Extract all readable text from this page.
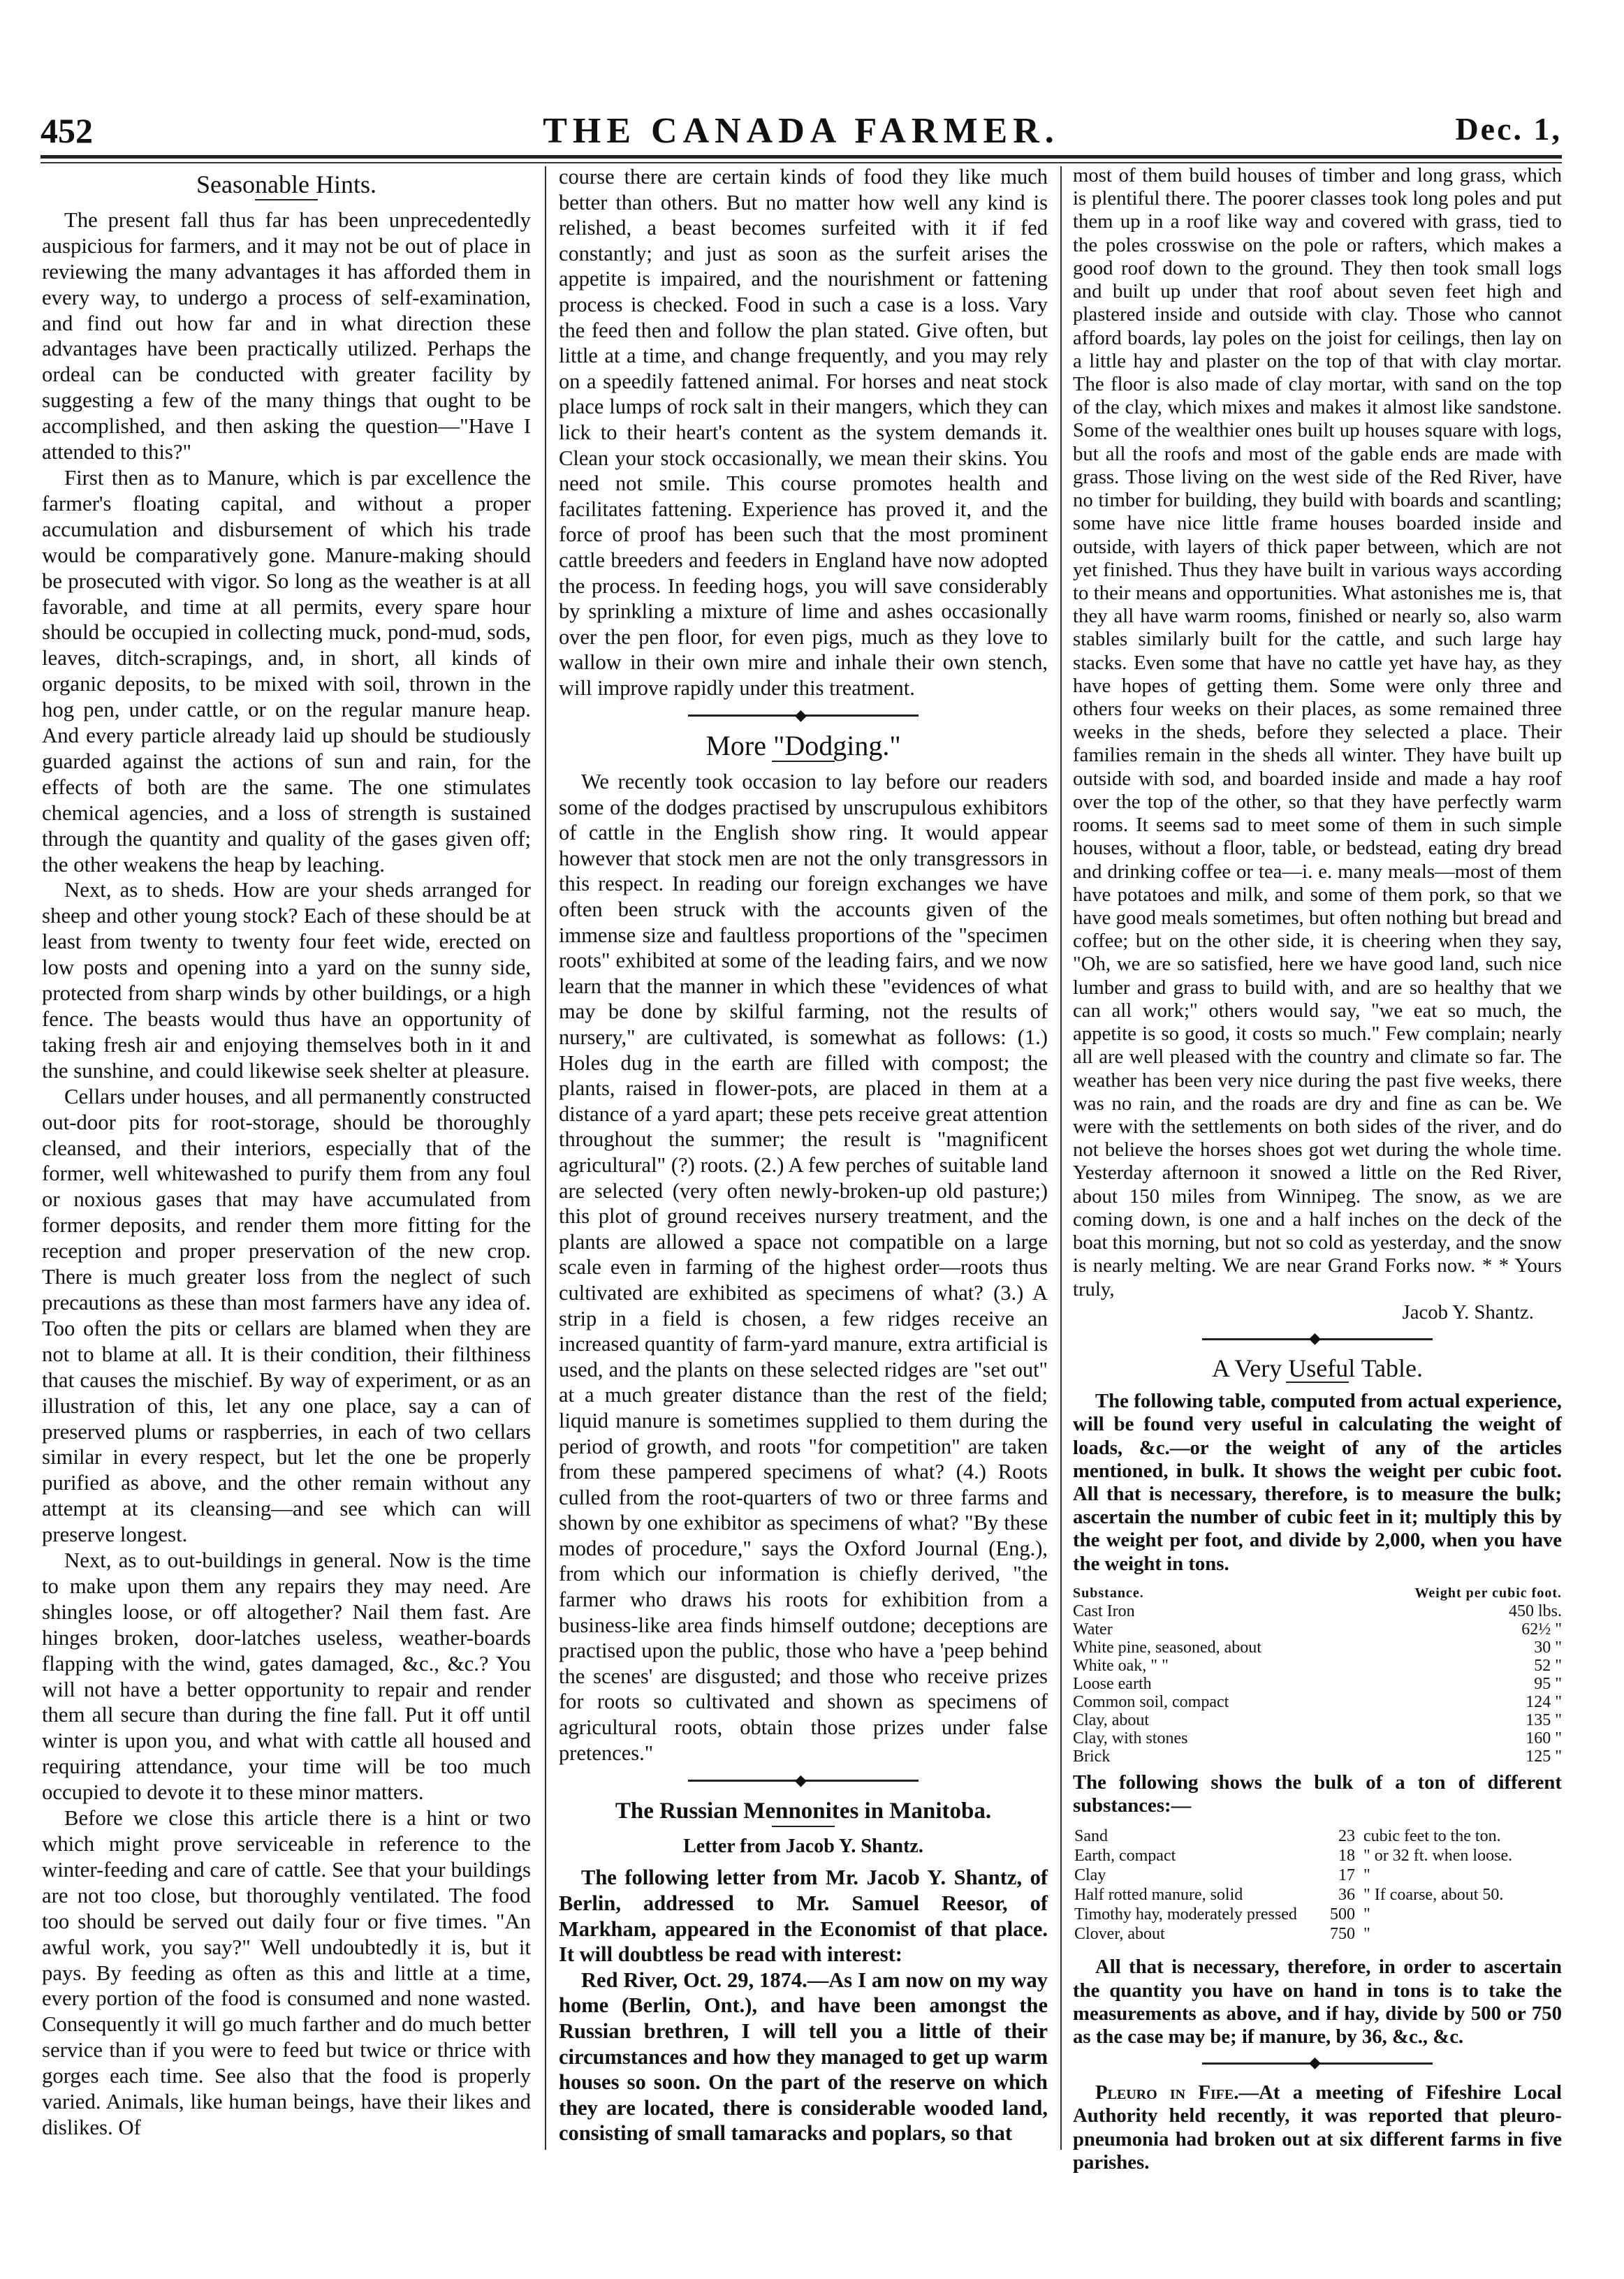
452	THE CANADA FARMER.	Dec. 1,
Seasonable Hints.

The present fall thus far has been unprecedentedly auspicious for farmers, and it may not be out of place in reviewing the many advantages it has afforded them in every way, to undergo a process of self-examination, and find out how far and in what direction these advantages have been practically utilized. Perhaps the ordeal can be conducted with greater facility by suggesting a few of the many things that ought to be accomplished, and then asking the question—"Have I attended to this?"

First then as to Manure, which is par excellence the farmer's floating capital, and without a proper accumulation and disbursement of which his trade would be comparatively gone. Manure-making should be prosecuted with vigor. So long as the weather is at all favorable, and time at all permits, every spare hour should be occupied in collecting muck, pond-mud, sods, leaves, ditch-scrapings, and, in short, all kinds of organic deposits, to be mixed with soil, thrown in the hog pen, under cattle, or on the regular manure heap. And every particle already laid up should be studiously guarded against the actions of sun and rain, for the effects of both are the same. The one stimulates chemical agencies, and a loss of strength is sustained through the quantity and quality of the gases given off; the other weakens the heap by leaching.

Next, as to sheds. How are your sheds arranged for sheep and other young stock? Each of these should be at least from twenty to twenty four feet wide, erected on low posts and opening into a yard on the sunny side, protected from sharp winds by other buildings, or a high fence. The beasts would thus have an opportunity of taking fresh air and enjoying themselves both in it and the sunshine, and could likewise seek shelter at pleasure.

Cellars under houses, and all permanently constructed out-door pits for root-storage, should be thoroughly cleansed, and their interiors, especially that of the former, well whitewashed to purify them from any foul or noxious gases that may have accumulated from former deposits, and render them more fitting for the reception and proper preservation of the new crop. There is much greater loss from the neglect of such precautions as these than most farmers have any idea of. Too often the pits or cellars are blamed when they are not to blame at all. It is their condition, their filthiness that causes the mischief. By way of experiment, or as an illustration of this, let any one place, say a can of preserved plums or raspberries, in each of two cellars similar in every respect, but let the one be properly purified as above, and the other remain without any attempt at its cleansing—and see which can will preserve longest.

Next, as to out-buildings in general. Now is the time to make upon them any repairs they may need. Are shingles loose, or off altogether? Nail them fast. Are hinges broken, door-latches useless, weather-boards flapping with the wind, gates damaged, &c., &c.? You will not have a better opportunity to repair and render them all secure than during the fine fall. Put it off until winter is upon you, and what with cattle all housed and requiring attendance, your time will be too much occupied to devote it to these minor matters.

Before we close this article there is a hint or two which might prove serviceable in reference to the winter-feeding and care of cattle. See that your buildings are not too close, but thoroughly ventilated. The food too should be served out daily four or five times. "An awful work, you say?" Well undoubtedly it is, but it pays. By feeding as often as this and little at a time, every portion of the food is consumed and none wasted. Consequently it will go much farther and do much better service than if you were to feed but twice or thrice with gorges each time. See also that the food is properly varied. Animals, like human beings, have their likes and dislikes. Of

course there are certain kinds of food they like much better than others. But no matter how well any kind is relished, a beast becomes surfeited with it if fed constantly; and just as soon as the surfeit arises the appetite is impaired, and the nourishment or fattening process is checked. Food in such a case is a loss. Vary the feed then and follow the plan stated. Give often, but little at a time, and change frequently, and you may rely on a speedily fattened animal. For horses and neat stock place lumps of rock salt in their mangers, which they can lick to their heart's content as the system demands it. Clean your stock occasionally, we mean their skins. You need not smile. This course promotes health and facilitates fattening. Experience has proved it, and the force of proof has been such that the most prominent cattle breeders and feeders in England have now adopted the process. In feeding hogs, you will save considerably by sprinkling a mixture of lime and ashes occasionally over the pen floor, for even pigs, much as they love to wallow in their own mire and inhale their own stench, will improve rapidly under this treatment.

◆
More "Dodging."

We recently took occasion to lay before our readers some of the dodges practised by unscrupulous exhibitors of cattle in the English show ring. It would appear however that stock men are not the only transgressors in this respect. In reading our foreign exchanges we have often been struck with the accounts given of the immense size and faultless proportions of the "specimen roots" exhibited at some of the leading fairs, and we now learn that the manner in which these "evidences of what may be done by skilful farming, not the results of nursery," are cultivated, is somewhat as follows: (1.) Holes dug in the earth are filled with compost; the plants, raised in flower-pots, are placed in them at a distance of a yard apart; these pets receive great attention throughout the summer; the result is "magnificent agricultural" (?) roots. (2.) A few perches of suitable land are selected (very often newly-broken-up old pasture;) this plot of ground receives nursery treatment, and the plants are allowed a space not compatible on a large scale even in farming of the highest order—roots thus cultivated are exhibited as specimens of what? (3.) A strip in a field is chosen, a few ridges receive an increased quantity of farm-yard manure, extra artificial is used, and the plants on these selected ridges are "set out" at a much greater distance than the rest of the field; liquid manure is sometimes supplied to them during the period of growth, and roots "for competition" are taken from these pampered specimens of what? (4.) Roots culled from the root-quarters of two or three farms and shown by one exhibitor as specimens of what? "By these modes of procedure," says the Oxford Journal (Eng.), from which our information is chiefly derived, "the farmer who draws his roots for exhibition from a business-like area finds himself outdone; deceptions are practised upon the public, those who have a 'peep behind the scenes' are disgusted; and those who receive prizes for roots so cultivated and shown as specimens of agricultural roots, obtain those prizes under false pretences."

◆
The Russian Mennonites in Manitoba.
Letter from Jacob Y. Shantz.

The following letter from Mr. Jacob Y. Shantz, of Berlin, addressed to Mr. Samuel Reesor, of Markham, appeared in the Economist of that place. It will doubtless be read with interest:

Red River, Oct. 29, 1874.—As I am now on my way home (Berlin, Ont.), and have been amongst the Russian brethren, I will tell you a little of their circumstances and how they managed to get up warm houses so soon. On the part of the reserve on which they are located, there is considerable wooded land, consisting of small tamaracks and poplars, so that

most of them build houses of timber and long grass, which is plentiful there. The poorer classes took long poles and put them up in a roof like way and covered with grass, tied to the poles crosswise on the pole or rafters, which makes a good roof down to the ground. They then took small logs and built up under that roof about seven feet high and plastered inside and outside with clay. Those who cannot afford boards, lay poles on the joist for ceilings, then lay on a little hay and plaster on the top of that with clay mortar. The floor is also made of clay mortar, with sand on the top of the clay, which mixes and makes it almost like sandstone. Some of the wealthier ones built up houses square with logs, but all the roofs and most of the gable ends are made with grass. Those living on the west side of the Red River, have no timber for building, they build with boards and scantling; some have nice little frame houses boarded inside and outside, with layers of thick paper between, which are not yet finished. Thus they have built in various ways according to their means and opportunities. What astonishes me is, that they all have warm rooms, finished or nearly so, also warm stables similarly built for the cattle, and such large hay stacks. Even some that have no cattle yet have hay, as they have hopes of getting them. Some were only three and others four weeks on their places, as some remained three weeks in the sheds, before they selected a place. Their families remain in the sheds all winter. They have built up outside with sod, and boarded inside and made a hay roof over the top of the other, so that they have perfectly warm rooms. It seems sad to meet some of them in such simple houses, without a floor, table, or bedstead, eating dry bread and drinking coffee or tea—i. e. many meals—most of them have potatoes and milk, and some of them pork, so that we have good meals sometimes, but often nothing but bread and coffee; but on the other side, it is cheering when they say, "Oh, we are so satisfied, here we have good land, such nice lumber and grass to build with, and are so healthy that we can all work;" others would say, "we eat so much, the appetite is so good, it costs so much." Few complain; nearly all are well pleased with the country and climate so far. The weather has been very nice during the past five weeks, there was no rain, and the roads are dry and fine as can be. We were with the settlements on both sides of the river, and do not believe the horses shoes got wet during the whole time. Yesterday afternoon it snowed a little on the Red River, about 150 miles from Winnipeg. The snow, as we are coming down, is one and a half inches on the deck of the boat this morning, but not so cold as yesterday, and the snow is nearly melting. We are near Grand Forks now. * * Yours truly,

Jacob Y. Shantz.

◆
A Very Useful Table.

The following table, computed from actual experience, will be found very useful in calculating the weight of loads, &c.—or the weight of any of the articles mentioned, in bulk. It shows the weight per cubic foot. All that is necessary, therefore, is to measure the bulk; ascertain the number of cubic feet in it; multiply this by the weight per foot, and divide by 2,000, when you have the weight in tons.

Substance.	Weight per cubic foot.
Cast Iron	450 lbs.
Water	62½ "
White pine, seasoned, about	30 "
White oak, " "	52 "
Loose earth	95 "
Common soil, compact	124 "
Clay, about	135 "
Clay, with stones	160 "
Brick	125 "

The following shows the bulk of a ton of different substances:—

Sand	23	cubic feet to the ton.
Earth, compact	18	" or 32 ft. when loose.
Clay	17	"
Half rotted manure, solid	36	" If coarse, about 50.
Timothy hay, moderately pressed	500	"
Clover, about	750	"

All that is necessary, therefore, in order to ascertain the quantity you have on hand in tons is to take the measurements as above, and if hay, divide by 500 or 750 as the case may be; if manure, by 36, &c., &c.

◆

Pleuro in Fife.—At a meeting of Fifeshire Local Authority held recently, it was reported that pleuro-pneumonia had broken out at six different farms in five parishes.
